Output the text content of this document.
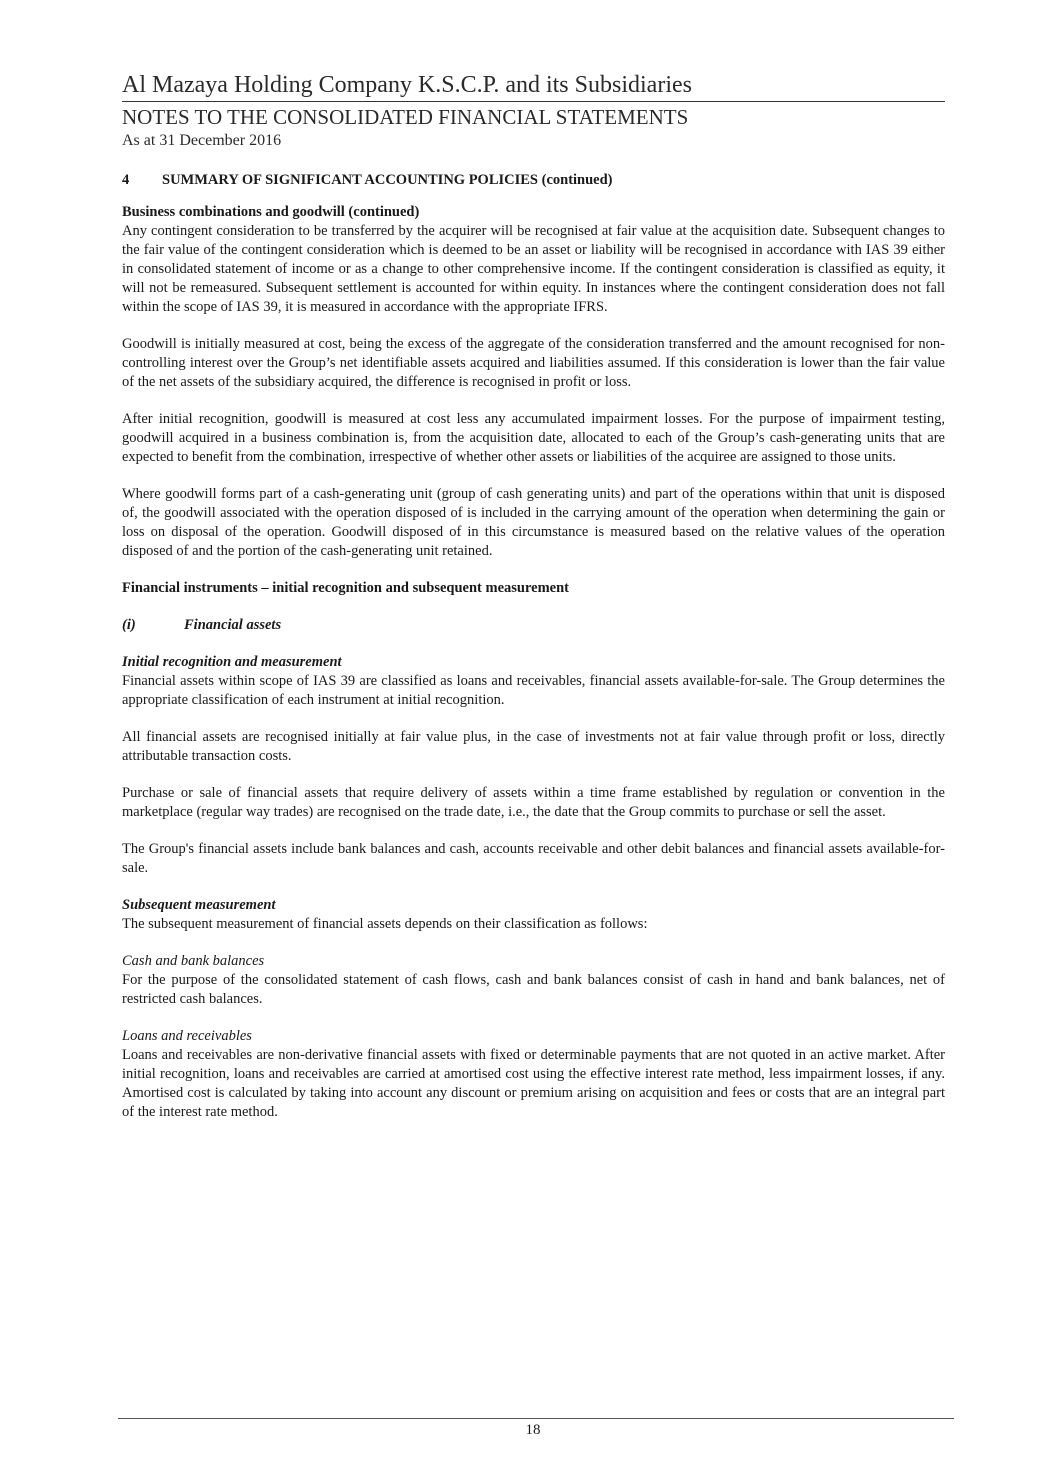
Al Mazaya Holding Company K.S.C.P. and its Subsidiaries
NOTES TO THE CONSOLIDATED FINANCIAL STATEMENTS
As at 31 December 2016
4	SUMMARY OF SIGNIFICANT ACCOUNTING POLICIES (continued)
Business combinations and goodwill (continued)

Any contingent consideration to be transferred by the acquirer will be recognised at fair value at the acquisition date. Subsequent changes to the fair value of the contingent consideration which is deemed to be an asset or liability will be recognised in accordance with IAS 39 either in consolidated statement of income or as a change to other comprehensive income. If the contingent consideration is classified as equity, it will not be remeasured. Subsequent settlement is accounted for within equity. In instances where the contingent consideration does not fall within the scope of IAS 39, it is measured in accordance with the appropriate IFRS.

Goodwill is initially measured at cost, being the excess of the aggregate of the consideration transferred and the amount recognised for non-controlling interest over the Group’s net identifiable assets acquired and liabilities assumed. If this consideration is lower than the fair value of the net assets of the subsidiary acquired, the difference is recognised in profit or loss.

After initial recognition, goodwill is measured at cost less any accumulated impairment losses. For the purpose of impairment testing, goodwill acquired in a business combination is, from the acquisition date, allocated to each of the Group’s cash-generating units that are expected to benefit from the combination, irrespective of whether other assets or liabilities of the acquiree are assigned to those units.

Where goodwill forms part of a cash-generating unit (group of cash generating units) and part of the operations within that unit is disposed of, the goodwill associated with the operation disposed of is included in the carrying amount of the operation when determining the gain or loss on disposal of the operation. Goodwill disposed of in this circumstance is measured based on the relative values of the operation disposed of and the portion of the cash-generating unit retained.

Financial instruments – initial recognition and subsequent measurement
(i)	Financial assets
Initial recognition and measurement

Financial assets within scope of IAS 39 are classified as loans and receivables, financial assets available-for-sale. The Group determines the appropriate classification of each instrument at initial recognition.

All financial assets are recognised initially at fair value plus, in the case of investments not at fair value through profit or loss, directly attributable transaction costs.

Purchase or sale of financial assets that require delivery of assets within a time frame established by regulation or convention in the marketplace (regular way trades) are recognised on the trade date, i.e., the date that the Group commits to purchase or sell the asset.

The Group's financial assets include bank balances and cash, accounts receivable and other debit balances and financial assets available-for-sale.

Subsequent measurement

The subsequent measurement of financial assets depends on their classification as follows:

Cash and bank balances

For the purpose of the consolidated statement of cash flows, cash and bank balances consist of cash in hand and bank balances, net of restricted cash balances.

Loans and receivables

Loans and receivables are non-derivative financial assets with fixed or determinable payments that are not quoted in an active market. After initial recognition, loans and receivables are carried at amortised cost using the effective interest rate method, less impairment losses, if any. Amortised cost is calculated by taking into account any discount or premium arising on acquisition and fees or costs that are an integral part of the interest rate method.

18
